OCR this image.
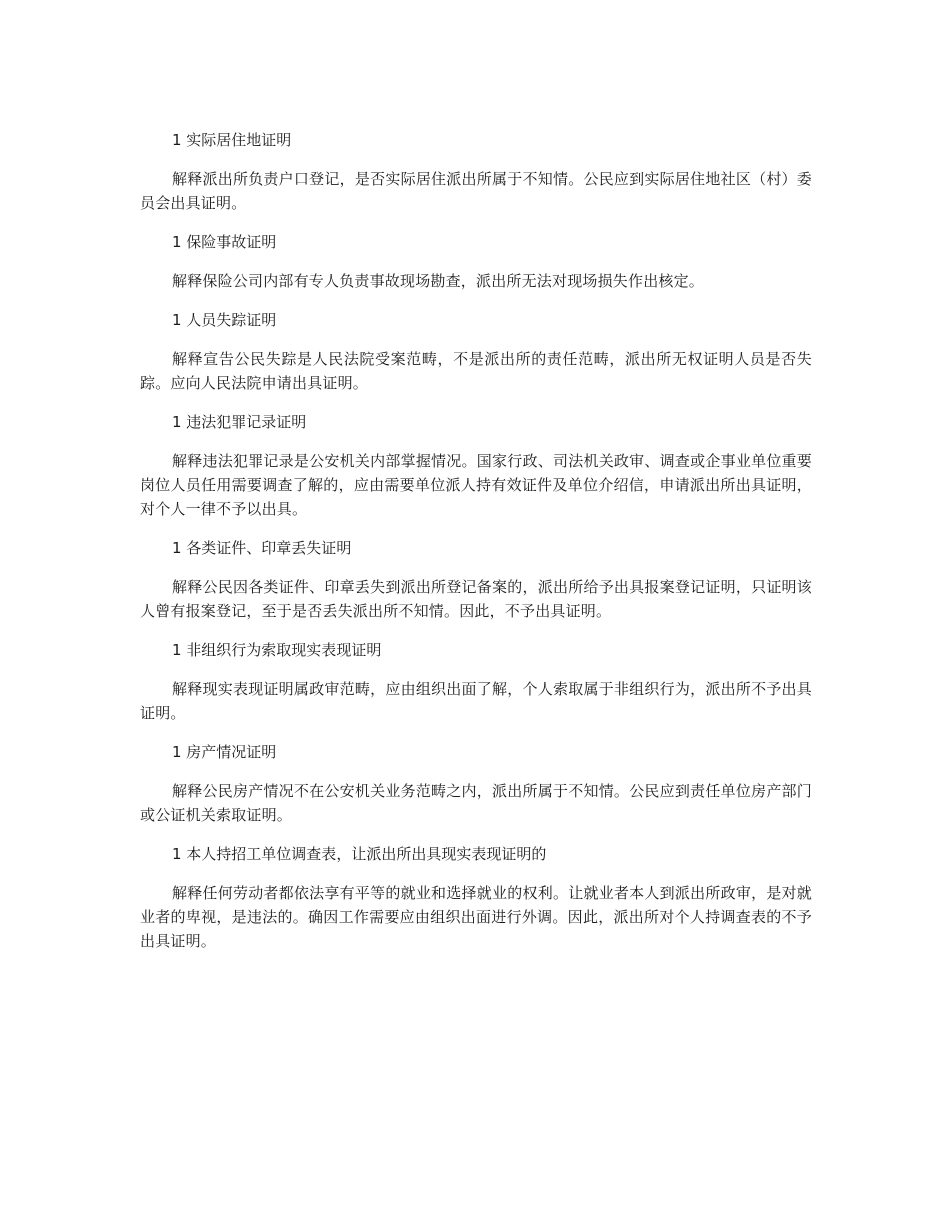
1 实际居住地证明

解释派出所负责户口登记，是否实际居住派出所属于不知情。公民应到实际居住地社区（村）委员会出具证明。

1 保险事故证明

解释保险公司内部有专人负责事故现场勘查，派出所无法对现场损失作出核定。

1 人员失踪证明

解释宣告公民失踪是人民法院受案范畴，不是派出所的责任范畴，派出所无权证明人员是否失踪。应向人民法院申请出具证明。

1 违法犯罪记录证明

解释违法犯罪记录是公安机关内部掌握情况。国家行政、司法机关政审、调查或企事业单位重要岗位人员任用需要调查了解的，应由需要单位派人持有效证件及单位介绍信，申请派出所出具证明，对个人一律不予以出具。

1 各类证件、印章丢失证明

解释公民因各类证件、印章丢失到派出所登记备案的，派出所给予出具报案登记证明，只证明该人曾有报案登记，至于是否丢失派出所不知情。因此，不予出具证明。

1 非组织行为索取现实表现证明

解释现实表现证明属政审范畴，应由组织出面了解，个人索取属于非组织行为，派出所不予出具证明。

1 房产情况证明

解释公民房产情况不在公安机关业务范畴之内，派出所属于不知情。公民应到责任单位房产部门或公证机关索取证明。

1 本人持招工单位调查表，让派出所出具现实表现证明的

解释任何劳动者都依法享有平等的就业和选择就业的权利。让就业者本人到派出所政审，是对就业者的卑视，是违法的。确因工作需要应由组织出面进行外调。因此，派出所对个人持调查表的不予出具证明。
